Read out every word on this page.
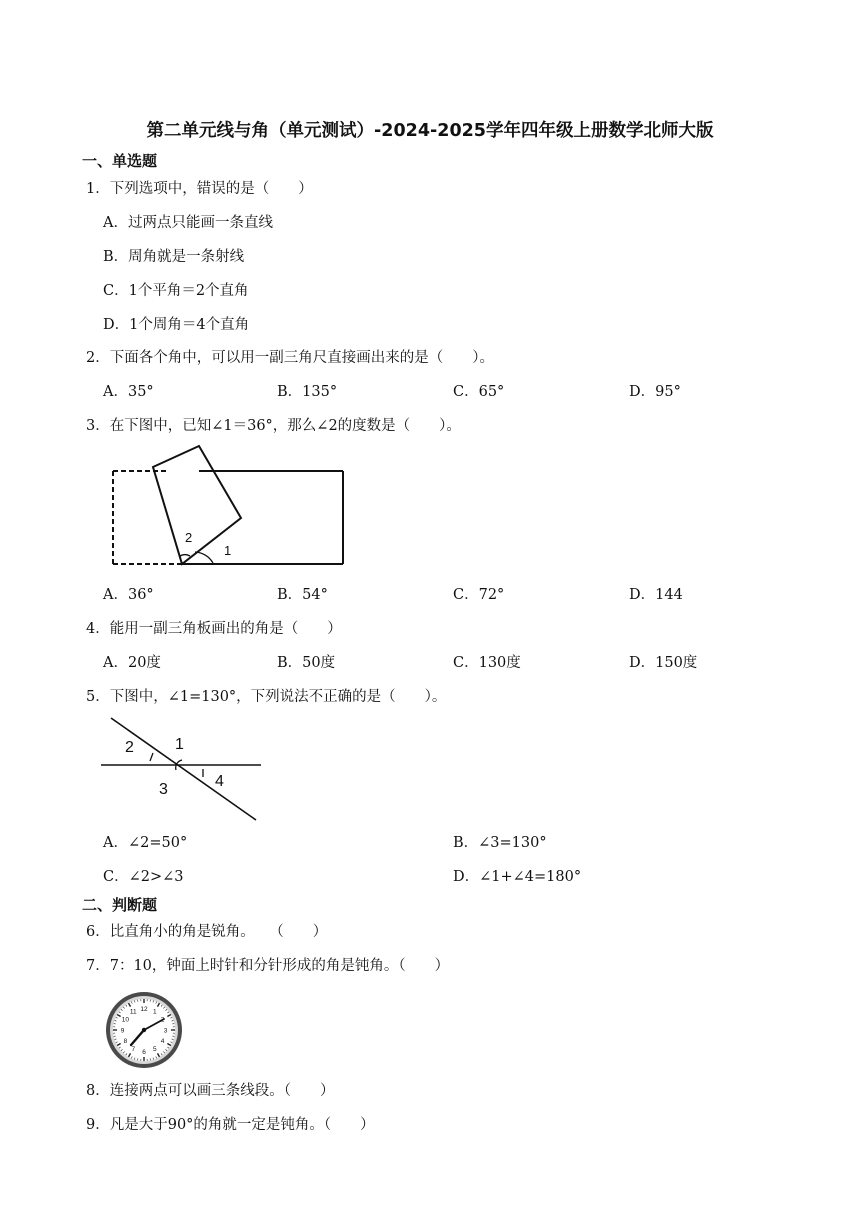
第二单元线与角（单元测试）-2024-2025学年四年级上册数学北师大版
一、单选题
1．下列选项中，错误的是（　　）
A．过两点只能画一条直线
B．周角就是一条射线
C．1个平角＝2个直角
D．1个周角＝4个直角
2．下面各个角中，可以用一副三角尺直接画出来的是（　　）。
A．35°	B．135°	C．65°	D．95°
3．在下图中，已知∠1＝36°，那么∠2的度数是（　　）。
2
1
A．36°	B．54°	C．72°	D．144
4．能用一副三角板画出的角是（　　）
A．20度	B．50度	C．130度	D．150度
5．下图中，∠1=130°，下列说法不正确的是（　　）。
2	1
3	4
A．∠2=50°	B．∠3=130°
C．∠2>∠3	D．∠1+∠4=180°
二、判断题
6．比直角小的角是锐角。　　（　　）
7．7：10，钟面上时针和分针形成的角是钝角。（　　）
12 1
3
4
5
6
7
8
9
10
11
8．连接两点可以画三条线段。（　　）
9．凡是大于90°的角就一定是钝角。（　　）
